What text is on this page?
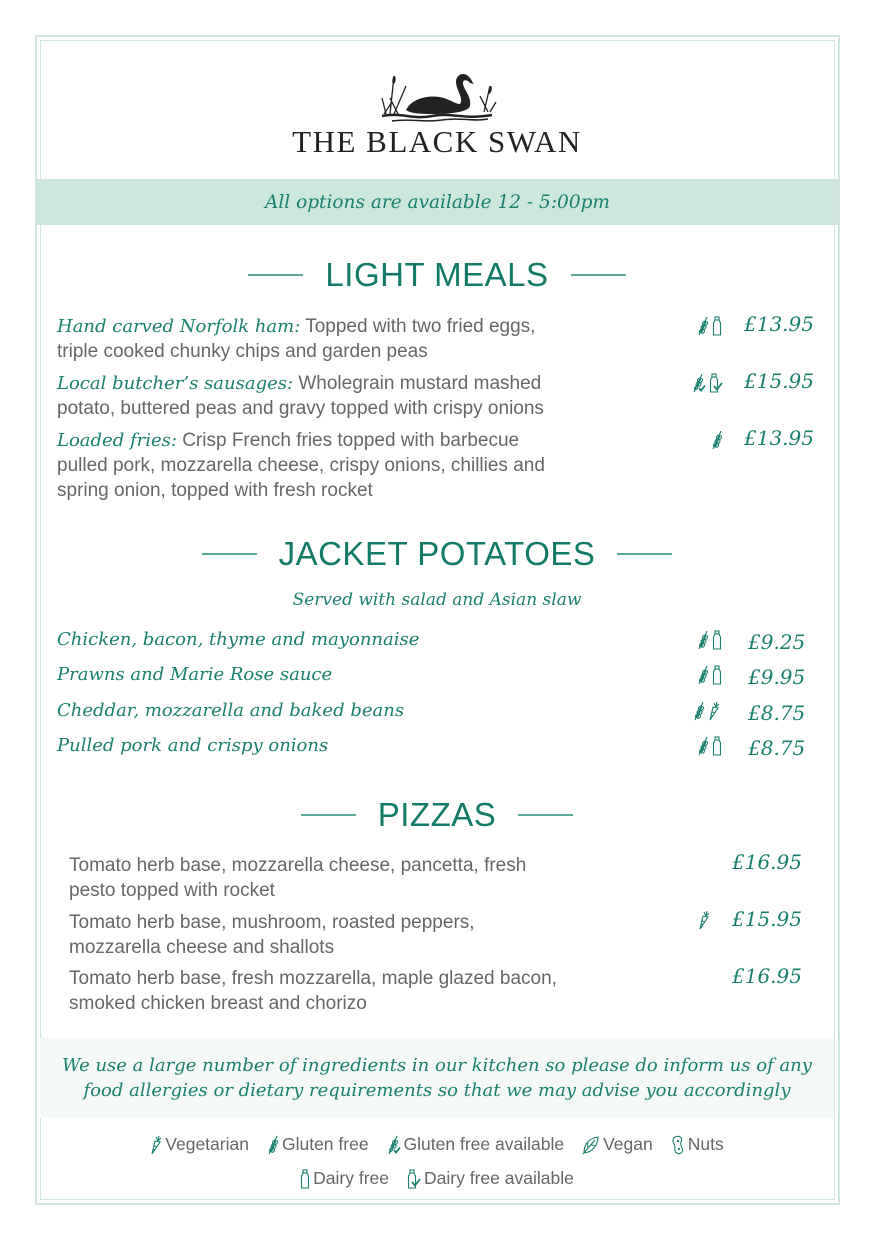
THE BLACK SWAN
All options are available 12 - 5:00pm
LIGHT MEALS
Hand carved Norfolk ham: Topped with two fried eggs,
triple cooked chunky chips and garden peas
£13.95
Local butcher’s sausages: Wholegrain mustard mashed
potato, buttered peas and gravy topped with crispy onions
£15.95
Loaded fries: Crisp French fries topped with barbecue
pulled pork, mozzarella cheese, crispy onions, chillies and
spring onion, topped with fresh rocket
£13.95
JACKET POTATOES
Served with salad and Asian slaw
Chicken, bacon, thyme and mayonnaise	£9.25
Prawns and Marie Rose sauce	£9.95
Cheddar, mozzarella and baked beans	£8.75
Pulled pork and crispy onions	£8.75
PIZZAS
Tomato herb base, mozzarella cheese, pancetta, fresh
pesto topped with rocket
£16.95
Tomato herb base, mushroom, roasted peppers,
mozzarella cheese and shallots
£15.95
Tomato herb base, fresh mozzarella, maple glazed bacon,
smoked chicken breast and chorizo
£16.95
We use a large number of ingredients in our kitchen so please do inform us of any
food allergies or dietary requirements so that we may advise you accordingly
Vegetarian Gluten free Gluten free available Vegan Nuts
Dairy free Dairy free available
